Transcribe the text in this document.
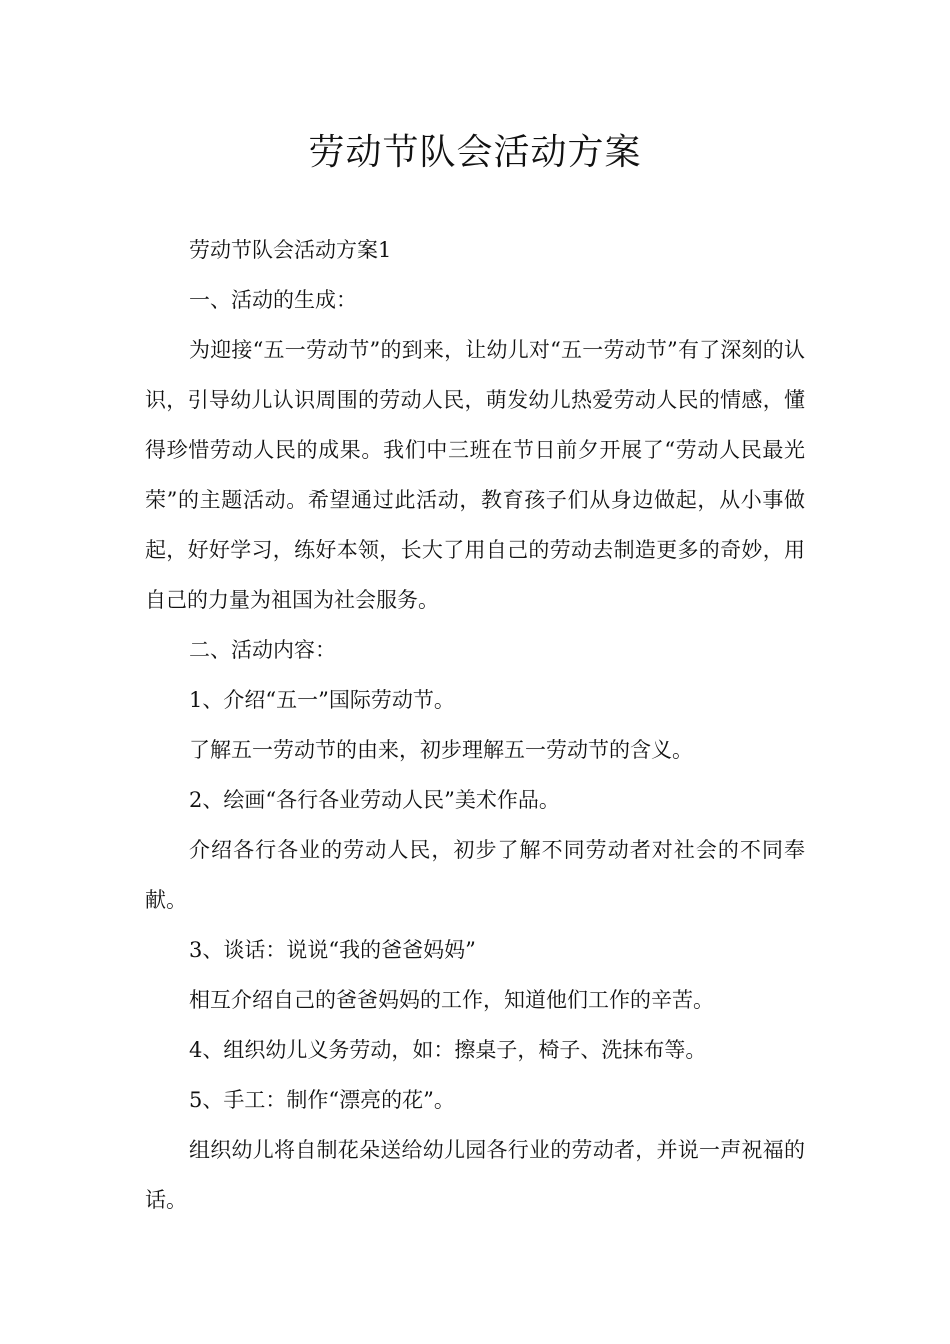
劳动节队会活动方案

劳动节队会活动方案1

一、活动的生成：

为迎接“五一劳动节”的到来，让幼儿对“五一劳动节”有了深刻的认识，引导幼儿认识周围的劳动人民，萌发幼儿热爱劳动人民的情感，懂得珍惜劳动人民的成果。我们中三班在节日前夕开展了“劳动人民最光荣”的主题活动。希望通过此活动，教育孩子们从身边做起，从小事做起，好好学习，练好本领，长大了用自己的劳动去制造更多的奇妙，用自己的力量为祖国为社会服务。

二、活动内容：

1、介绍“五一”国际劳动节。

了解五一劳动节的由来，初步理解五一劳动节的含义。

2、绘画“各行各业劳动人民”美术作品。

介绍各行各业的劳动人民，初步了解不同劳动者对社会的不同奉献。

3、谈话：说说“我的爸爸妈妈”

相互介绍自己的爸爸妈妈的工作，知道他们工作的辛苦。

4、组织幼儿义务劳动，如：擦桌子，椅子、洗抹布等。

5、手工：制作“漂亮的花”。

组织幼儿将自制花朵送给幼儿园各行业的劳动者，并说一声祝福的话。
